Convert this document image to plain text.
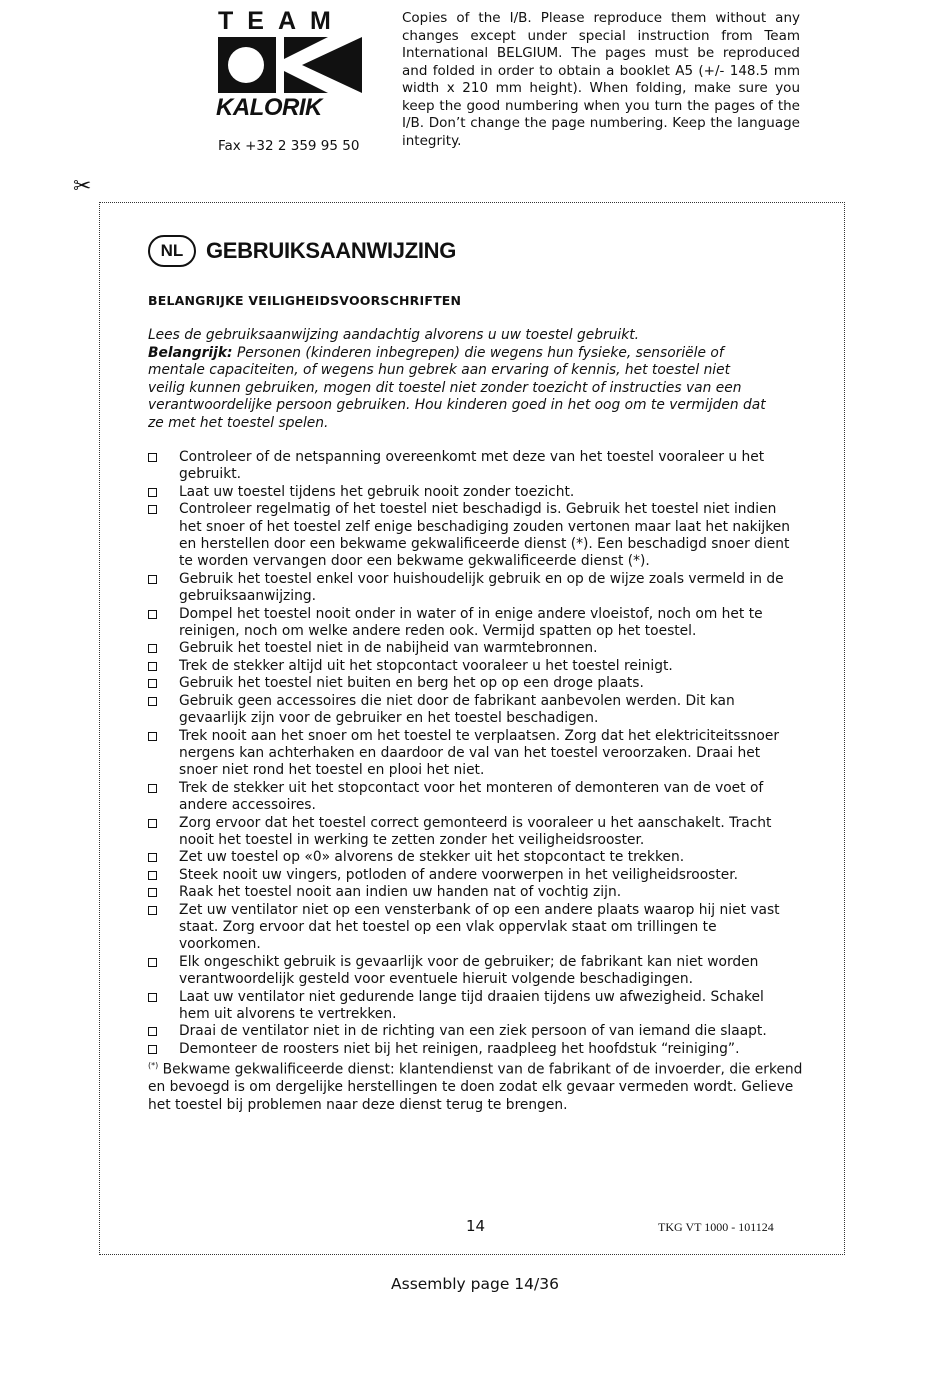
TEAM
KALORIK
Fax +32 2 359 95 50
Copies of the I/B. Please reproduce them without any changes except under special instruction from Team International BELGIUM. The pages must be reproduced and folded in order to obtain a booklet A5 (+/- 148.5 mm width x 210 mm height). When folding, make sure you keep the good numbering when you turn the pages of the I/B. Don’t change the page numbering. Keep the language integrity.
✂
NL	GEBRUIKSAANWIJZING
BELANGRIJKE VEILIGHEIDSVOORSCHRIFTEN
Lees de gebruiksaanwijzing aandachtig alvorens u uw toestel gebruikt.
Belangrijk: Personen (kinderen inbegrepen) die wegens hun fysieke, sensoriële of mentale capaciteiten, of wegens hun gebrek aan ervaring of kennis, het toestel niet veilig kunnen gebruiken, mogen dit toestel niet zonder toezicht of instructies van een verantwoordelijke persoon gebruiken. Hou kinderen goed in het oog om te vermijden dat ze met het toestel spelen.
Controleer of de netspanning overeenkomt met deze van het toestel vooraleer u het gebruikt.
Laat uw toestel tijdens het gebruik nooit zonder toezicht.
Controleer regelmatig of het toestel niet beschadigd is. Gebruik het toestel niet indien het snoer of het toestel zelf enige beschadiging zouden vertonen maar laat het nakijken en herstellen door een bekwame gekwalificeerde dienst (*). Een beschadigd snoer dient te worden vervangen door een bekwame gekwalificeerde dienst (*).
Gebruik het toestel enkel voor huishoudelijk gebruik en op de wijze zoals vermeld in de gebruiksaanwijzing.
Dompel het toestel nooit onder in water of in enige andere vloeistof, noch om het te reinigen, noch om welke andere reden ook. Vermijd spatten op het toestel.
Gebruik het toestel niet in de nabijheid van warmtebronnen.
Trek de stekker altijd uit het stopcontact vooraleer u het toestel reinigt.
Gebruik het toestel niet buiten en berg het op op een droge plaats.
Gebruik geen accessoires die niet door de fabrikant aanbevolen werden. Dit kan gevaarlijk zijn voor de gebruiker en het toestel beschadigen.
Trek nooit aan het snoer om het toestel te verplaatsen. Zorg dat het elektriciteitssnoer nergens kan achterhaken en daardoor de val van het toestel veroorzaken. Draai het snoer niet rond het toestel en plooi het niet.
Trek de stekker uit het stopcontact voor het monteren of demonteren van de voet of andere accessoires.
Zorg ervoor dat het toestel correct gemonteerd is vooraleer u het aanschakelt. Tracht nooit het toestel in werking te zetten zonder het veiligheidsrooster.
Zet uw toestel op «0» alvorens de stekker uit het stopcontact te trekken.
Steek nooit uw vingers, potloden of andere voorwerpen in het veiligheidsrooster.
Raak het toestel nooit aan indien uw handen nat of vochtig zijn.
Zet uw ventilator niet op een vensterbank of op een andere plaats waarop hij niet vast staat. Zorg ervoor dat het toestel op een vlak oppervlak staat om trillingen te voorkomen.
Elk ongeschikt gebruik is gevaarlijk voor de gebruiker; de fabrikant kan niet worden verantwoordelijk gesteld voor eventuele hieruit volgende beschadigingen.
Laat uw ventilator niet gedurende lange tijd draaien tijdens uw afwezigheid. Schakel hem uit alvorens te vertrekken.
Draai de ventilator niet in de richting van een ziek persoon of van iemand die slaapt.
Demonteer de roosters niet bij het reinigen, raadpleeg het hoofdstuk “reiniging”.
(*) Bekwame gekwalificeerde dienst: klantendienst van de fabrikant of de invoerder, die erkend en bevoegd is om dergelijke herstellingen te doen zodat elk gevaar vermeden wordt. Gelieve het toestel bij problemen naar deze dienst terug te brengen.
14	TKG VT 1000 - 101124
Assembly page 14/36
